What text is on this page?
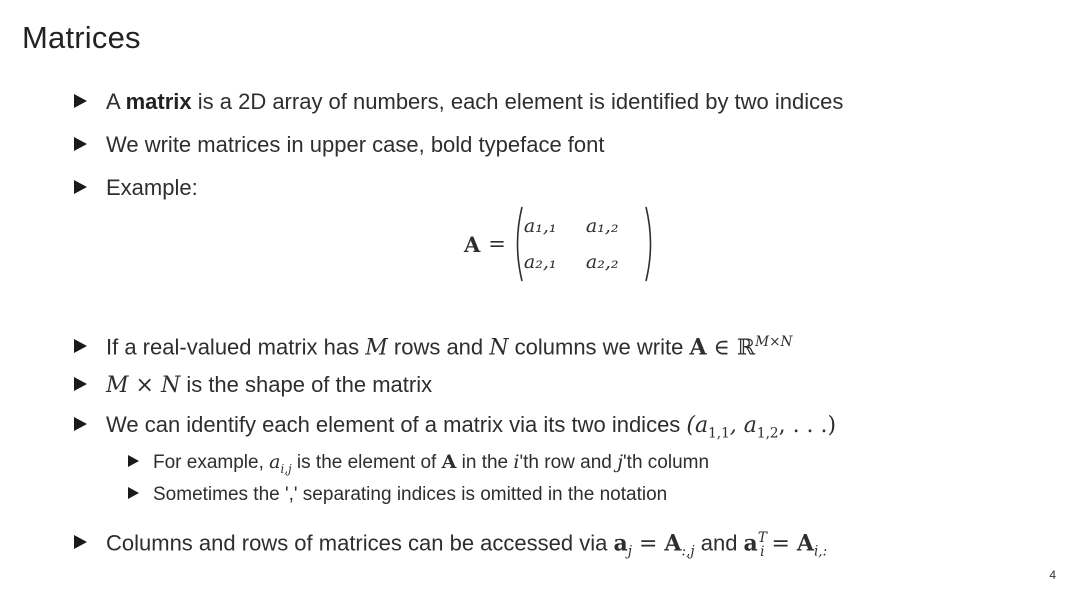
Matrices
A matrix is a 2D array of numbers, each element is identified by two indices
We write matrices in upper case, bold typeface font
Example:
A =
a₁,₁	a₁,₂
a₂,₁	a₂,₂
If a real-valued matrix has M rows and N columns we write A ∈ ℝ$^{M\times N}$
M × N is the shape of the matrix
We can identify each element of a matrix via its two indices ($a_{1,1}$, $a_{1,2}$, . . .)
For example, $a_{i,j}$ is the element of A in the i'th row and j'th column
Sometimes the ',' separating indices is omitted in the notation
Columns and rows of matrices can be accessed via $a_j = A_{:,j}$ and $a^T_i = A_{i,:}$
4
